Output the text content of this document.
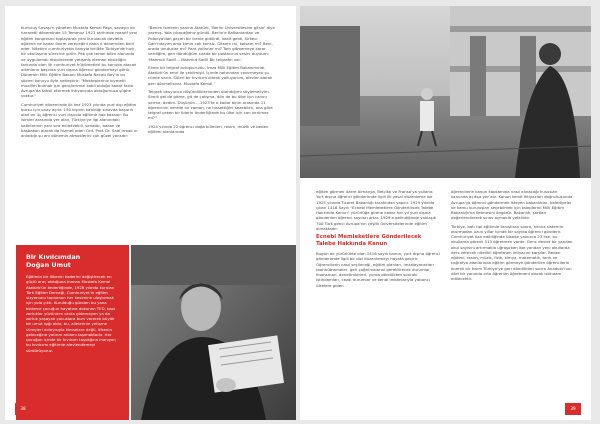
Kurtuluş Savaşı'n yöneten Mustafa Kemal Paşa, savaşın en hararetli döneminde 15 Temmuz 1921 tarihinde maarif yeni eğitim kongresini toplayarak yeni kurulacak devletin eğitime ne kadar önem vereceğini daha o dönemden belli eder. Nitekim cumhuriyetin ilanıyla birlikte Türkiye'de hızlı bir okullaşma sürecine girilir. Pek çok temel bilim alanında ve uygulamalı disiplinlerde yetişmiş eleman eksikliğin farkında olan ilk cumhuriyet hükümetleri bu konuda atacak adımların başında yurt dışına öğrenci göndermeyi görür. Dönemin Milli Eğitim Bakanı Mustafa Necati Bey'in bu sözleri konuyu öyle netleştirir: "Mektepleriniz kıymetli muallim bulmak için gençlerimizi kabil olduğu kadar fazla Avrupa'da tahsil ettirmek ihtiyacında olduğumuza şüphe yoktur."

Cumhuriyet döneminde ilk kez 1923 yılında yurt dışı eğitim bursu için onay açılır. 150 kişinin katıldığı sınavda başarılı olan on üç öğrenci yurt dışında eğitime hak kazanır. Bu isimler arasında yer alan, Türkiye'ye ilgi alanındaki katkılarının yanı sıra milletvekili, senatör, bakan ve başbakan olarak da hizmet eden Ord. Prof. Dr. Sadi Irmak ın anlattığı şu anı dönemin atmosferini çok güzel yansıtır:

"Benim ismimin yanına Atatürk, 'Berlin Üniversitesine gitsin' diye yazmış. Yola çıkacağımız gündü. Berlin'e Balkanlardan ve Polonya'dan geçen bir trenle gidilirdi. Vakit geldi, Sirkeci Garı'ndayım ama kimin cok kensiz. Gitsem mi, kalsam mı? Beni, orada unuturlar mı? Para yollarlar mı? Tam gitmemeye karar verdiğim, geri döndüğüm sırada bir postacının sesini duydum: 'Mahmut Sadi!... Mahmut Sadi! Bir telgrafın var.'

Elime bir telgraf tutuşturuldu. İmza Milli Eğitim Bakanımındı. Atatürk'ün emri ile çekilmişti. İçinde hatırından çevirmeyen şu cümle vardı. Süleri bir kıvılcım olarak yolluyorum, alevler olarak geri dönmelisiniz. Mustafa Kemal.'

Telgrafı okuyunca düşündüklerimden utandığımı söylemeliyim. Simdi gel de gitme, git de çalışma, dön de bu ülke için canını verme, dedim. Düşünün ...1923'te o kadar binin arasında 11 öğrencinin nerede ne zaman, ne hissettiğini sezebilen, ona göre telgraf çeken bir liderin önderliğinde bu ülke için can verilmez mi?"

1924 yılında 22 öğrenci doğa bilimleri, resim, müzik ve beden eğitimi alanlarında

Bir Kıvılcımdan
Doğan Umut
Eğitimin bir ülkenin kaderini değiştirecek en güçlü araç olduğuna inanan Mustafa Kemal Atatürk'ün önderliğinde, 1928 yılında kurulan Türk Eğitim Derneği, Cumhuriyet'in eğitim vizyonunu toplumun her kesimine ulaştırmak için yola çıktı. Kurulduğu günden bu yana binlerce çocuğun hayatına dokunan TED, bazı zorluklar yüzünden okula gidemeyen ya da zorluk yaşayan çocuklara burs vererek büyük bir umut ışığı oldu; bu, ailelerinin yetişme süreçleri dolayısıyla kimselere değil, ülkenin geleceğine yatırım anlamı taşımaktadır. Her çocuğun içinde bir kıvılcım taşıdığına inanıyor; bu kıvılcımı eğitimle alevlendirmeyi sürdürüyoruz.
38

eğitim görmek üzere Almanya, Belçika ve Fransa'ya yollanır. Yurt dışına öğrenci gönderimde ilgili ilk yasal düzenleme ise 1925 yılında Ticaret Bakanlığı tarafından yapılır. 1929 yılında çıkan 1416 Sayılı "Ecnebi Memleketlere Gönderilecek Talebe Hakkında Kanun" yürürlüğe girene kadar her yıl yurt dışına gönderilen öğrenci sayıları artar. 1929'a gelindiğinde yaklaşık 700 Türk genci Avrupa'nın çeşitli üniversitelerinde eğitim almaktadır.

Ecnebi Memleketlere Gönderilecek
Talebe Hakkında Kanun

Bugün de yürürlükte olan 1416 sayılı kanun, yurt dışına öğrenci gönderimde ilgili bir dizi düzenlemeyi hayata geçirir. Öğrencilerin nasıl seçileceği, eğitim planları, imzalayacakları taahhütnameler, geri çağrılmalarını gerektirecek durumlar, finansman, denetimlerleri, yurda döndükten sonraki istihdamları, cezai durumlar ve kendi imkânlarıyla yabancı ülkelere giden

öğrencilerin kanun kapsamına nasıl alınacağı hususları kanunda açıkça yer alır. Kanun kendi ihtiyacları doğrultusunda Avrupa'ya öğrenci göndermek isteyen bakanlıklar, belediyeler ve kamu kuruluşları seçebilmek için taleplerini Milli Eğitim Bakanlığı'na iletmesini öngörür. Bakanlık, şartları değerlendirerek sınav açmakla yetkilidir.

Türkiye, batı tipi eğitimle tanıştıran sonra, henüz sistemin oturmadan uzun yıllar içinde bir sayıda öğrenci gönderir. Cumhuriyet ilan edildiğinde ülkede yalnızca 23 lise, bu okullarda görevli 513 öğretmen vardır. Genç devlet bir yandan okul sayısını artırmakla uğraşırken öte yandan yeni okullarda ders verecek nitelikli öğretmen ihtiyacını karşılar. Beden eğitimi, resim, müzik, fizik, kimya, matematik, tarih ve coğrafya alanlarında eğitim görmeye gönderilen öğrencilerin önemli bir kısmı Türkiye'ye geri döndükten sonra Anadolu'nun dört bir yanında orta öğrenim öğretmeni olarak istihdam edilecektir.

39
